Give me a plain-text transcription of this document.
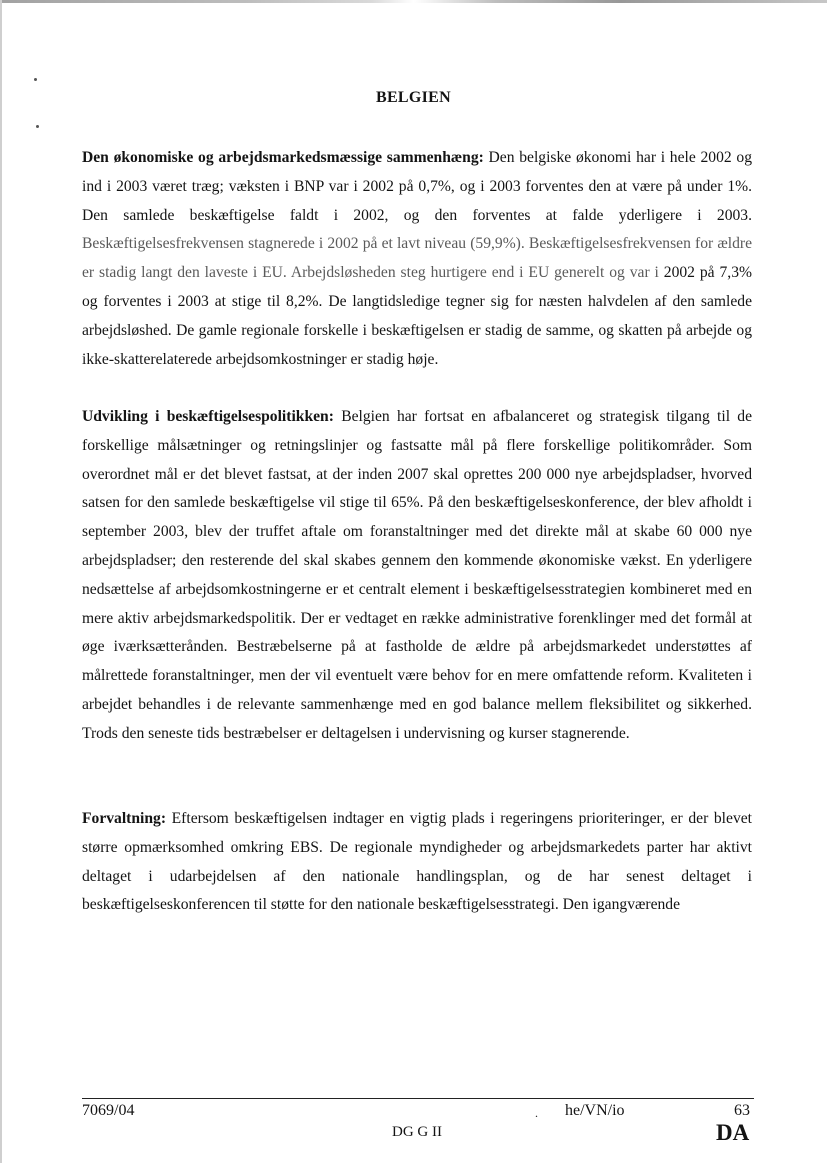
BELGIEN

Den økonomiske og arbejdsmarkedsmæssige sammenhæng: Den belgiske økonomi har i hele 2002 og ind i 2003 været træg; væksten i BNP var i 2002 på 0,7%, og i 2003 forventes den at være på under 1%. Den samlede beskæftigelse faldt i 2002, og den forventes at falde yderligere i 2003. Beskæftigelsesfrekvensen stagnerede i 2002 på et lavt niveau (59,9%). Beskæftigelsesfrekvensen for ældre er stadig langt den laveste i EU. Arbejdsløsheden steg hurtigere end i EU generelt og var i 2002 på 7,3% og forventes i 2003 at stige til 8,2%. De langtidsledige tegner sig for næsten halvdelen af den samlede arbejdsløshed. De gamle regionale forskelle i beskæftigelsen er stadig de samme, og skatten på arbejde og ikke-skatterelaterede arbejdsomkostninger er stadig høje.

Udvikling i beskæftigelsespolitikken: Belgien har fortsat en afbalanceret og strategisk tilgang til de forskellige målsætninger og retningslinjer og fastsatte mål på flere forskellige politikområder. Som overordnet mål er det blevet fastsat, at der inden 2007 skal oprettes 200 000 nye arbejdspladser, hvorved satsen for den samlede beskæftigelse vil stige til 65%. På den beskæftigelseskonference, der blev afholdt i september 2003, blev der truffet aftale om foranstaltninger med det direkte mål at skabe 60 000 nye arbejdspladser; den resterende del skal skabes gennem den kommende økonomiske vækst. En yderligere nedsættelse af arbejdsomkostningerne er et centralt element i beskæftigelsesstrategien kombineret med en mere aktiv arbejdsmarkedspolitik. Der er vedtaget en række administrative forenklinger med det formål at øge iværksætterånden. Bestræbelserne på at fastholde de ældre på arbejdsmarkedet understøttes af målrettede foranstaltninger, men der vil eventuelt være behov for en mere omfattende reform. Kvaliteten i arbejdet behandles i de relevante sammenhænge med en god balance mellem fleksibilitet og sikkerhed. Trods den seneste tids bestræbelser er deltagelsen i undervisning og kurser stagnerende.

Forvaltning: Eftersom beskæftigelsen indtager en vigtig plads i regeringens prioriteringer, er der blevet større opmærksomhed omkring EBS. De regionale myndigheder og arbejdsmarkedets parter har aktivt deltaget i udarbejdelsen af den nationale handlingsplan, og de har senest deltaget i beskæftigelseskonferencen til støtte for den nationale beskæftigelsesstrategi. Den igangværende

7069/04
DG G II
. he/VN/io	63
DA
